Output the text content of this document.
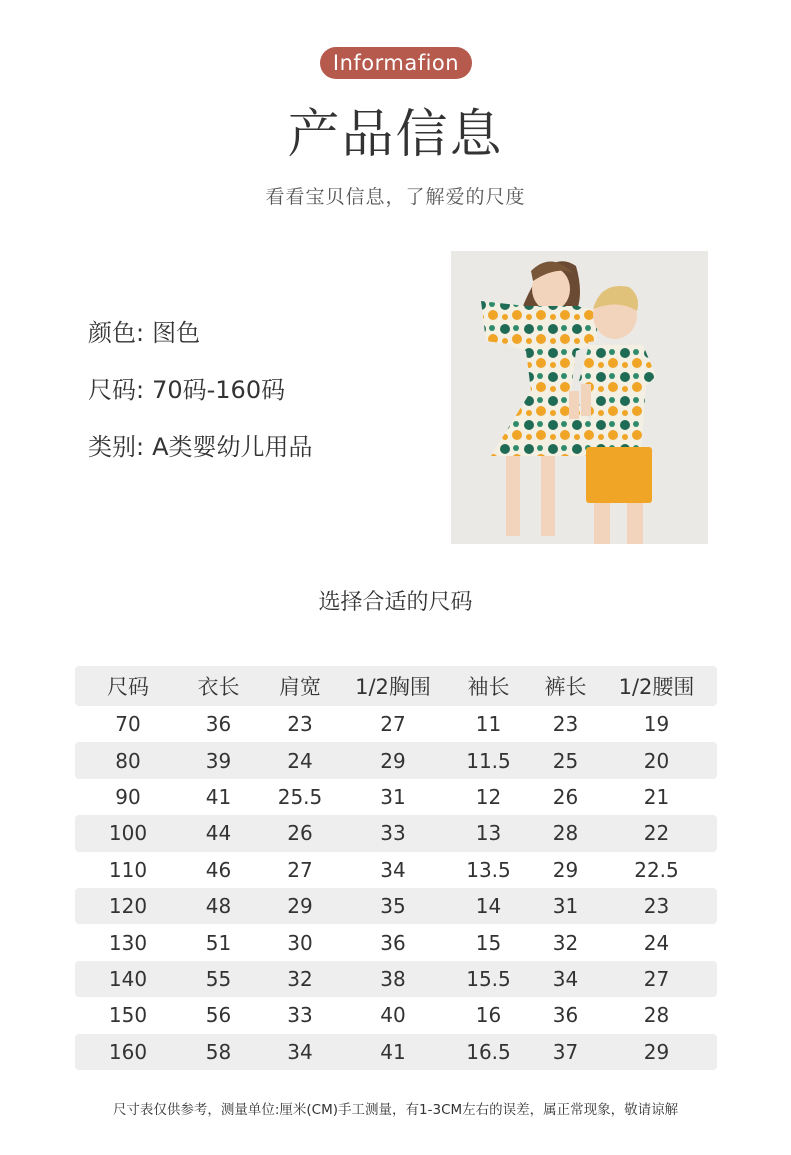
Informafion
产品信息
看看宝贝信息，了解爱的尺度
颜色: 图色
尺码: 70码-160码
类别: A类婴幼儿用品
选择合适的尺码
尺码	衣长	肩宽	1/2胸围	袖长	裤长	1/2腰围
70	36	23	27	11	23	19
80	39	24	29	11.5	25	20
90	41	25.5	31	12	26	21
100	44	26	33	13	28	22
110	46	27	34	13.5	29	22.5
120	48	29	35	14	31	23
130	51	30	36	15	32	24
140	55	32	38	15.5	34	27
150	56	33	40	16	36	28
160	58	34	41	16.5	37	29
尺寸表仅供参考，测量单位:厘米(CM)手工测量，有1-3CM左右的误差，属正常现象，敬请谅解
